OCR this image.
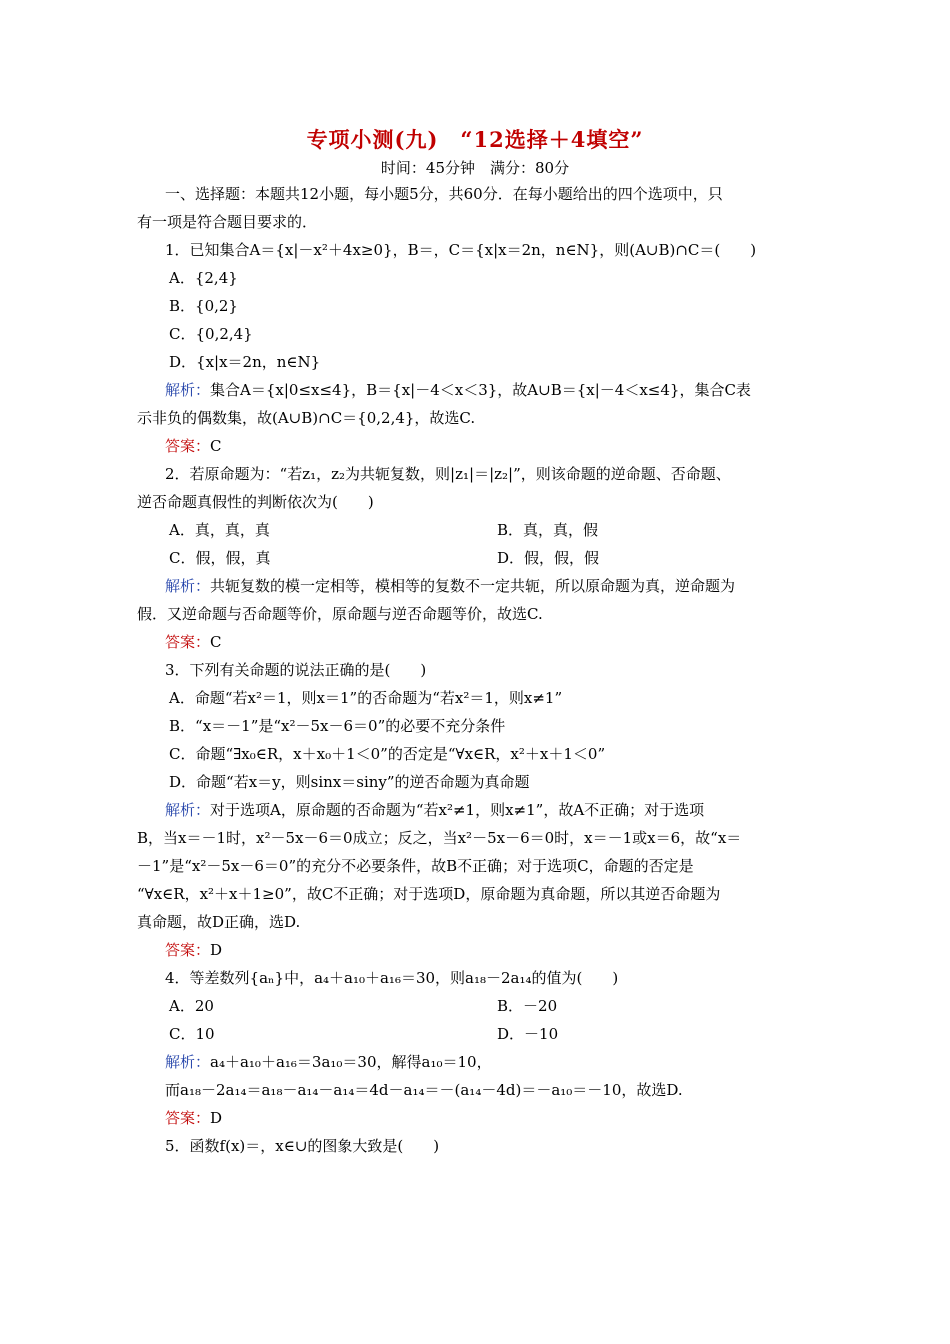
专项小测(九)　“12选择＋4填空”
时间：45分钟　满分：80分
一、选择题：本题共12小题，每小题5分，共60分．在每小题给出的四个选项中，只
有一项是符合题目要求的．
1．已知集合A＝{x|－x²＋4x≥0}，B＝，C＝{x|x＝2n，n∈N}，则(A∪B)∩C＝(　　)
A．{2,4}
B．{0,2}
C．{0,2,4}
D．{x|x＝2n，n∈N}
解析：集合A＝{x|0≤x≤4}，B＝{x|－4＜x＜3}，故A∪B＝{x|－4＜x≤4}，集合C表
示非负的偶数集，故(A∪B)∩C＝{0,2,4}，故选C.
答案：C
2．若原命题为：“若z₁，z₂为共轭复数，则|z₁|＝|z₂|”，则该命题的逆命题、否命题、
逆否命题真假性的判断依次为(　　)
A．真，真，真	B．真，真，假
C．假，假，真	D．假，假，假
解析：共轭复数的模一定相等，模相等的复数不一定共轭，所以原命题为真，逆命题为
假．又逆命题与否命题等价，原命题与逆否命题等价，故选C.
答案：C
3．下列有关命题的说法正确的是(　　)
A．命题“若x²＝1，则x＝1”的否命题为“若x²＝1，则x≠1”
B．“x＝－1”是“x²－5x－6＝0”的必要不充分条件
C．命题“∃x₀∈R，x＋x₀＋1＜0”的否定是“∀x∈R，x²＋x＋1＜0”
D．命题“若x＝y，则sinx＝siny”的逆否命题为真命题
解析：对于选项A，原命题的否命题为“若x²≠1，则x≠1”，故A不正确；对于选项
B，当x＝－1时，x²－5x－6＝0成立；反之，当x²－5x－6＝0时，x＝－1或x＝6，故“x＝
－1”是“x²－5x－6＝0”的充分不必要条件，故B不正确；对于选项C，命题的否定是
“∀x∈R，x²＋x＋1≥0”，故C不正确；对于选项D，原命题为真命题，所以其逆否命题为
真命题，故D正确，选D.
答案：D
4．等差数列{aₙ}中，a₄＋a₁₀＋a₁₆＝30，则a₁₈－2a₁₄的值为(　　)
A．20	B．－20
C．10	D．－10
解析：a₄＋a₁₀＋a₁₆＝3a₁₀＝30，解得a₁₀＝10，
而a₁₈－2a₁₄＝a₁₈－a₁₄－a₁₄＝4d－a₁₄＝－(a₁₄－4d)＝－a₁₀＝－10，故选D.
答案：D
5．函数f(x)＝，x∈∪的图象大致是(　　)
